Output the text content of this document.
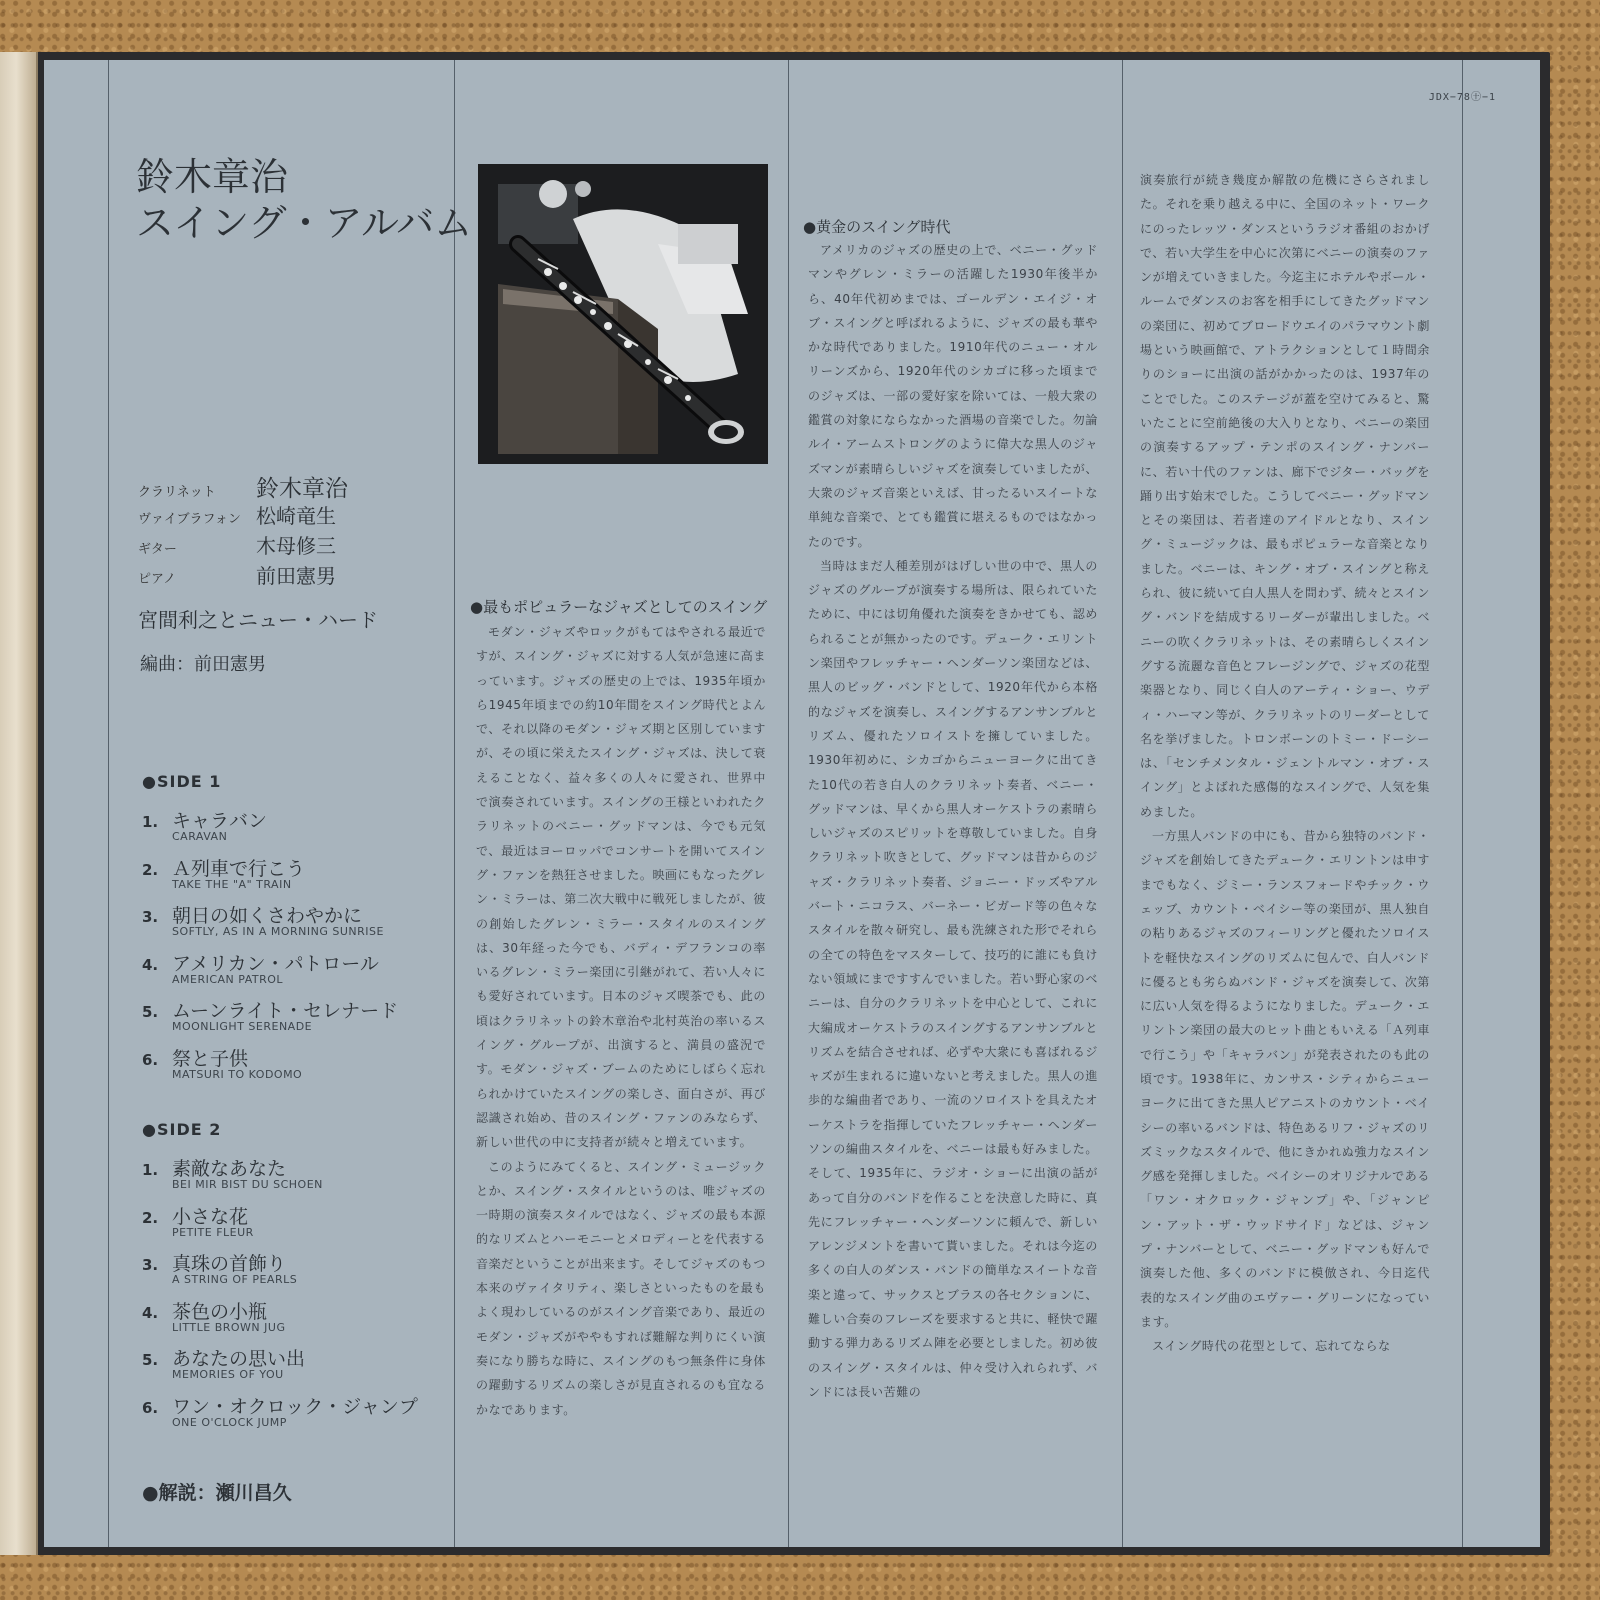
JDX−78㊉−1
鈴木章治
スイング・アルバム
クラリネット	鈴木章治
ヴァイブラフォン 松崎竜生
ギター	木母修三
ピアノ	前田憲男
宮間利之とニュー・ハード
編曲：前田憲男
●SIDE 1
1. キャラバン
CARAVAN
2. Ａ列車で行こう
TAKE THE "A" TRAIN
3. 朝日の如くさわやかに
SOFTLY, AS IN A MORNING SUNRISE
4. アメリカン・パトロール
AMERICAN PATROL
5. ムーンライト・セレナード
MOONLIGHT SERENADE
6. 祭と子供
MATSURI TO KODOMO
●SIDE 2
1. 素敵なあなた
BEI MIR BIST DU SCHOEN
2. 小さな花
PETITE FLEUR
3. 真珠の首飾り
A STRING OF PEARLS
4. 茶色の小瓶
LITTLE BROWN JUG
5. あなたの思い出
MEMORIES OF YOU
6. ワン・オクロック・ジャンプ
ONE O'CLOCK JUMP
●解説：瀬川昌久
●最もポピュラーなジャズとしてのスイング

モダン・ジャズやロックがもてはやされる最近ですが、スイング・ジャズに対する人気が急速に高まっています。ジャズの歴史の上では、1935年頃から1945年頃までの約10年間をスイング時代とよんで、それ以降のモダン・ジャズ期と区別していますが、その頃に栄えたスイング・ジャズは、決して衰えることなく、益々多くの人々に愛され、世界中で演奏されています。スイングの王様といわれたクラリネットのベニー・グッドマンは、今でも元気で、最近はヨーロッパでコンサートを開いてスイング・ファンを熱狂させました。映画にもなったグレン・ミラーは、第二次大戦中に戦死しましたが、彼の創始したグレン・ミラー・スタイルのスイングは、30年経った今でも、バディ・デフランコの率いるグレン・ミラー楽団に引継がれて、若い人々にも愛好されています。日本のジャズ喫茶でも、此の頃はクラリネットの鈴木章治や北村英治の率いるスイング・グループが、出演すると、満員の盛況です。モダン・ジャズ・ブームのためにしばらく忘れられかけていたスイングの楽しさ、面白さが、再び認識され始め、昔のスイング・ファンのみならず、新しい世代の中に支持者が続々と増えています。

このようにみてくると、スイング・ミュージックとか、スイング・スタイルというのは、唯ジャズの一時期の演奏スタイルではなく、ジャズの最も本源的なリズムとハーモニーとメロディーとを代表する音楽だということが出来ます。そしてジャズのもつ本来のヴァイタリティ、楽しさといったものを最もよく現わしているのがスイング音楽であり、最近のモダン・ジャズがややもすれば難解な判りにくい演奏になり勝ちな時に、スイングのもつ無条件に身体の躍動するリズムの楽しさが見直されるのも宜なるかなであります。

●黄金のスイング時代

アメリカのジャズの歴史の上で、ベニー・グッドマンやグレン・ミラーの活躍した1930年後半から、40年代初めまでは、ゴールデン・エイジ・オブ・スイングと呼ばれるように、ジャズの最も華やかな時代でありました。1910年代のニュー・オルリーンズから、1920年代のシカゴに移った頃までのジャズは、一部の愛好家を除いては、一般大衆の鑑賞の対象にならなかった酒場の音楽でした。勿論ルイ・アームストロングのように偉大な黒人のジャズマンが素晴らしいジャズを演奏していましたが、大衆のジャズ音楽といえば、甘ったるいスイートな単純な音楽で、とても鑑賞に堪えるものではなかったのです。

当時はまだ人種差別がはげしい世の中で、黒人のジャズのグループが演奏する場所は、限られていたために、中には切角優れた演奏をきかせても、認められることが無かったのです。デューク・エリントン楽団やフレッチャー・ヘンダーソン楽団などは、黒人のビッグ・バンドとして、1920年代から本格的なジャズを演奏し、スイングするアンサンブルとリズム、優れたソロイストを擁していました。1930年初めに、シカゴからニューヨークに出てきた10代の若き白人のクラリネット奏者、ベニー・グッドマンは、早くから黒人オーケストラの素晴らしいジャズのスピリットを尊敬していました。自身クラリネット吹きとして、グッドマンは昔からのジャズ・クラリネット奏者、ジョニー・ドッズやアルバート・ニコラス、バーネー・ビガード等の色々なスタイルを散々研究し、最も洗練された形でそれらの全ての特色をマスターして、技巧的に誰にも負けない領域にまですすんでいました。若い野心家のベニーは、自分のクラリネットを中心として、これに大編成オーケストラのスイングするアンサンブルとリズムを結合させれば、必ずや大衆にも喜ばれるジャズが生まれるに違いないと考えました。黒人の進歩的な編曲者であり、一流のソロイストを具えたオーケストラを指揮していたフレッチャー・ヘンダーソンの編曲スタイルを、ベニーは最も好みました。そして、1935年に、ラジオ・ショーに出演の話があって自分のバンドを作ることを決意した時に、真先にフレッチャー・ヘンダーソンに頼んで、新しいアレンジメントを書いて貰いました。それは今迄の多くの白人のダンス・バンドの簡単なスイートな音楽と違って、サックスとブラスの各セクションに、難しい合奏のフレーズを要求すると共に、軽快で躍動する弾力あるリズム陣を必要としました。初め彼のスイング・スタイルは、仲々受け入れられず、バンドには長い苦難の

演奏旅行が続き幾度か解散の危機にさらされました。それを乗り越える中に、全国のネット・ワークにのったレッツ・ダンスというラジオ番組のおかげで、若い大学生を中心に次第にベニーの演奏のファンが増えていきました。今迄主にホテルやボール・ルームでダンスのお客を相手にしてきたグッドマンの楽団に、初めてブロードウエイのパラマウント劇場という映画館で、アトラクションとして１時間余りのショーに出演の話がかかったのは、1937年のことでした。このステージが蓋を空けてみると、驚いたことに空前絶後の大入りとなり、ベニーの楽団の演奏するアップ・テンポのスイング・ナンバーに、若い十代のファンは、廊下でジター・バッグを踊り出す始末でした。こうしてベニー・グッドマンとその楽団は、若者達のアイドルとなり、スイング・ミュージックは、最もポピュラーな音楽となりました。ベニーは、キング・オブ・スイングと称えられ、彼に続いて白人黒人を問わず、続々とスイング・バンドを結成するリーダーが輩出しました。ベニーの吹くクラリネットは、その素晴らしくスイングする流麗な音色とフレージングで、ジャズの花型楽器となり、同じく白人のアーティ・ショー、ウディ・ハーマン等が、クラリネットのリーダーとして名を挙げました。トロンボーンのトミー・ドーシーは、「センチメンタル・ジェントルマン・オブ・スイング」とよばれた感傷的なスイングで、人気を集めました。

一方黒人バンドの中にも、昔から独特のバンド・ジャズを創始してきたデューク・エリントンは申すまでもなく、ジミー・ランスフォードやチック・ウェッブ、カウント・ベイシー等の楽団が、黒人独自の粘りあるジャズのフィーリングと優れたソロイストを軽快なスイングのリズムに包んで、白人バンドに優るとも劣らぬバンド・ジャズを演奏して、次第に広い人気を得るようになりました。デューク・エリントン楽団の最大のヒット曲ともいえる「Ａ列車で行こう」や「キャラバン」が発表されたのも此の頃です。1938年に、カンサス・シティからニューヨークに出てきた黒人ピアニストのカウント・ベイシーの率いるバンドは、特色あるリフ・ジャズのリズミックなスタイルで、他にきかれぬ強力なスイング感を発揮しました。ベイシーのオリジナルである「ワン・オクロック・ジャンプ」や、「ジャンピン・アット・ザ・ウッドサイド」などは、ジャンプ・ナンバーとして、ベニー・グッドマンも好んで演奏した他、多くのバンドに模倣され、今日迄代表的なスイング曲のエヴァー・グリーンになっています。

スイング時代の花型として、忘れてならな
